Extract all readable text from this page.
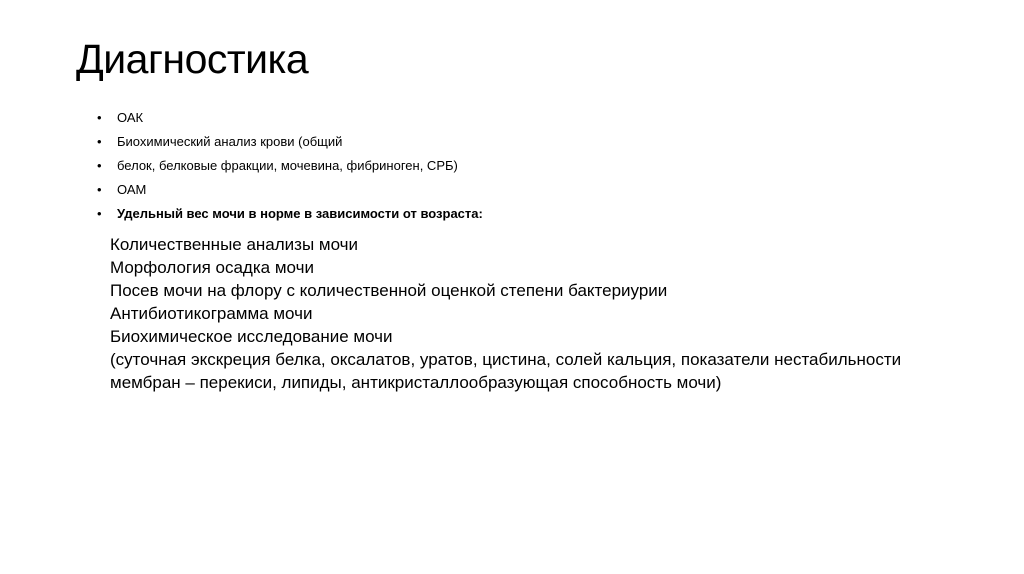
Диагностика
• ОАК
• Биохимический анализ крови (общий
• белок, белковые фракции, мочевина, фибриноген, СРБ)
• ОАМ
• Удельный вес мочи в норме в зависимости от возраста:
Количественные анализы мочи
Морфология осадка мочи
Посев мочи на флору с количественной оценкой степени бактериурии
Антибиотикограмма мочи
Биохимическое исследование мочи
(суточная экскреция белка, оксалатов, уратов, цистина, солей кальция, показатели нестабильности
мембран – перекиси, липиды, антикристаллообразующая способность мочи)
